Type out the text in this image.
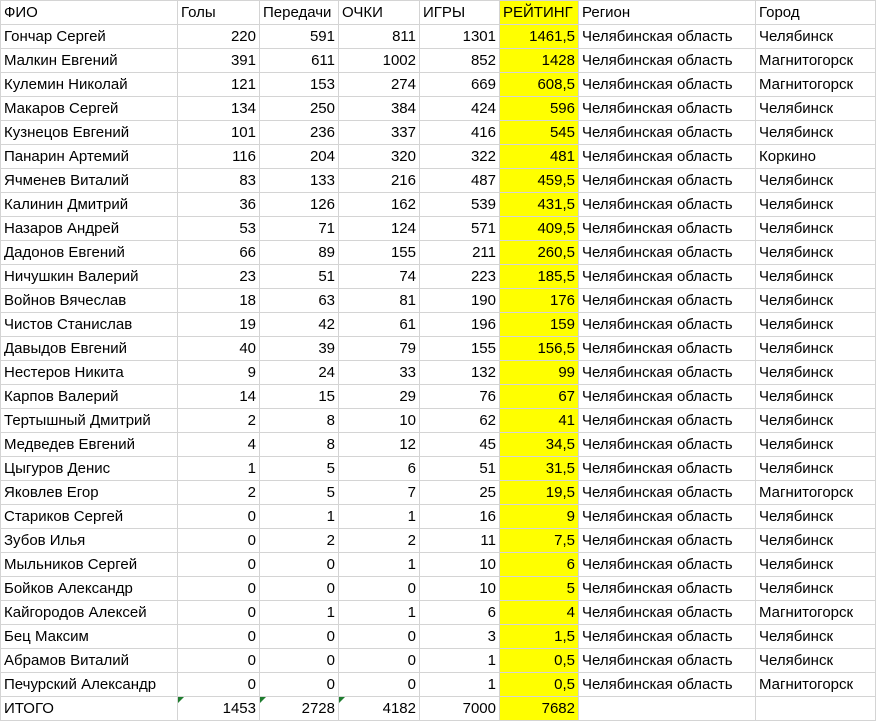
ФИО	Голы	Передачи	ОЧКИ	ИГРЫ	РЕЙТИНГ	Регион	Город
Гончар Сергей	220	591	811	1301	1461,5	Челябинская область	Челябинск
Малкин Евгений	391	611	1002	852	1428	Челябинская область	Магнитогорск
Кулемин Николай	121	153	274	669	608,5	Челябинская область	Магнитогорск
Макаров Сергей	134	250	384	424	596	Челябинская область	Челябинск
Кузнецов Евгений	101	236	337	416	545	Челябинская область	Челябинск
Панарин Артемий	116	204	320	322	481	Челябинская область	Коркино
Ячменев Виталий	83	133	216	487	459,5	Челябинская область	Челябинск
Калинин Дмитрий	36	126	162	539	431,5	Челябинская область	Челябинск
Назаров Андрей	53	71	124	571	409,5	Челябинская область	Челябинск
Дадонов Евгений	66	89	155	211	260,5	Челябинская область	Челябинск
Ничушкин Валерий	23	51	74	223	185,5	Челябинская область	Челябинск
Войнов Вячеслав	18	63	81	190	176	Челябинская область	Челябинск
Чистов Станислав	19	42	61	196	159	Челябинская область	Челябинск
Давыдов Евгений	40	39	79	155	156,5	Челябинская область	Челябинск
Нестеров Никита	9	24	33	132	99	Челябинская область	Челябинск
Карпов Валерий	14	15	29	76	67	Челябинская область	Челябинск
Тертышный Дмитрий	2	8	10	62	41	Челябинская область	Челябинск
Медведев Евгений	4	8	12	45	34,5	Челябинская область	Челябинск
Цыгуров Денис	1	5	6	51	31,5	Челябинская область	Челябинск
Яковлев Егор	2	5	7	25	19,5	Челябинская область	Магнитогорск
Стариков Сергей	0	1	1	16	9	Челябинская область	Челябинск
Зубов Илья	0	2	2	11	7,5	Челябинская область	Челябинск
Мыльников Сергей	0	0	1	10	6	Челябинская область	Челябинск
Бойков Александр	0	0	0	10	5	Челябинская область	Челябинск
Кайгородов Алексей	0	1	1	6	4	Челябинская область	Магнитогорск
Бец Максим	0	0	0	3	1,5	Челябинская область	Челябинск
Абрамов Виталий	0	0	0	1	0,5	Челябинская область	Челябинск
Печурский Александр	0	0	0	1	0,5	Челябинская область	Магнитогорск
ИТОГО	1453	2728	4182	7000	7682		
